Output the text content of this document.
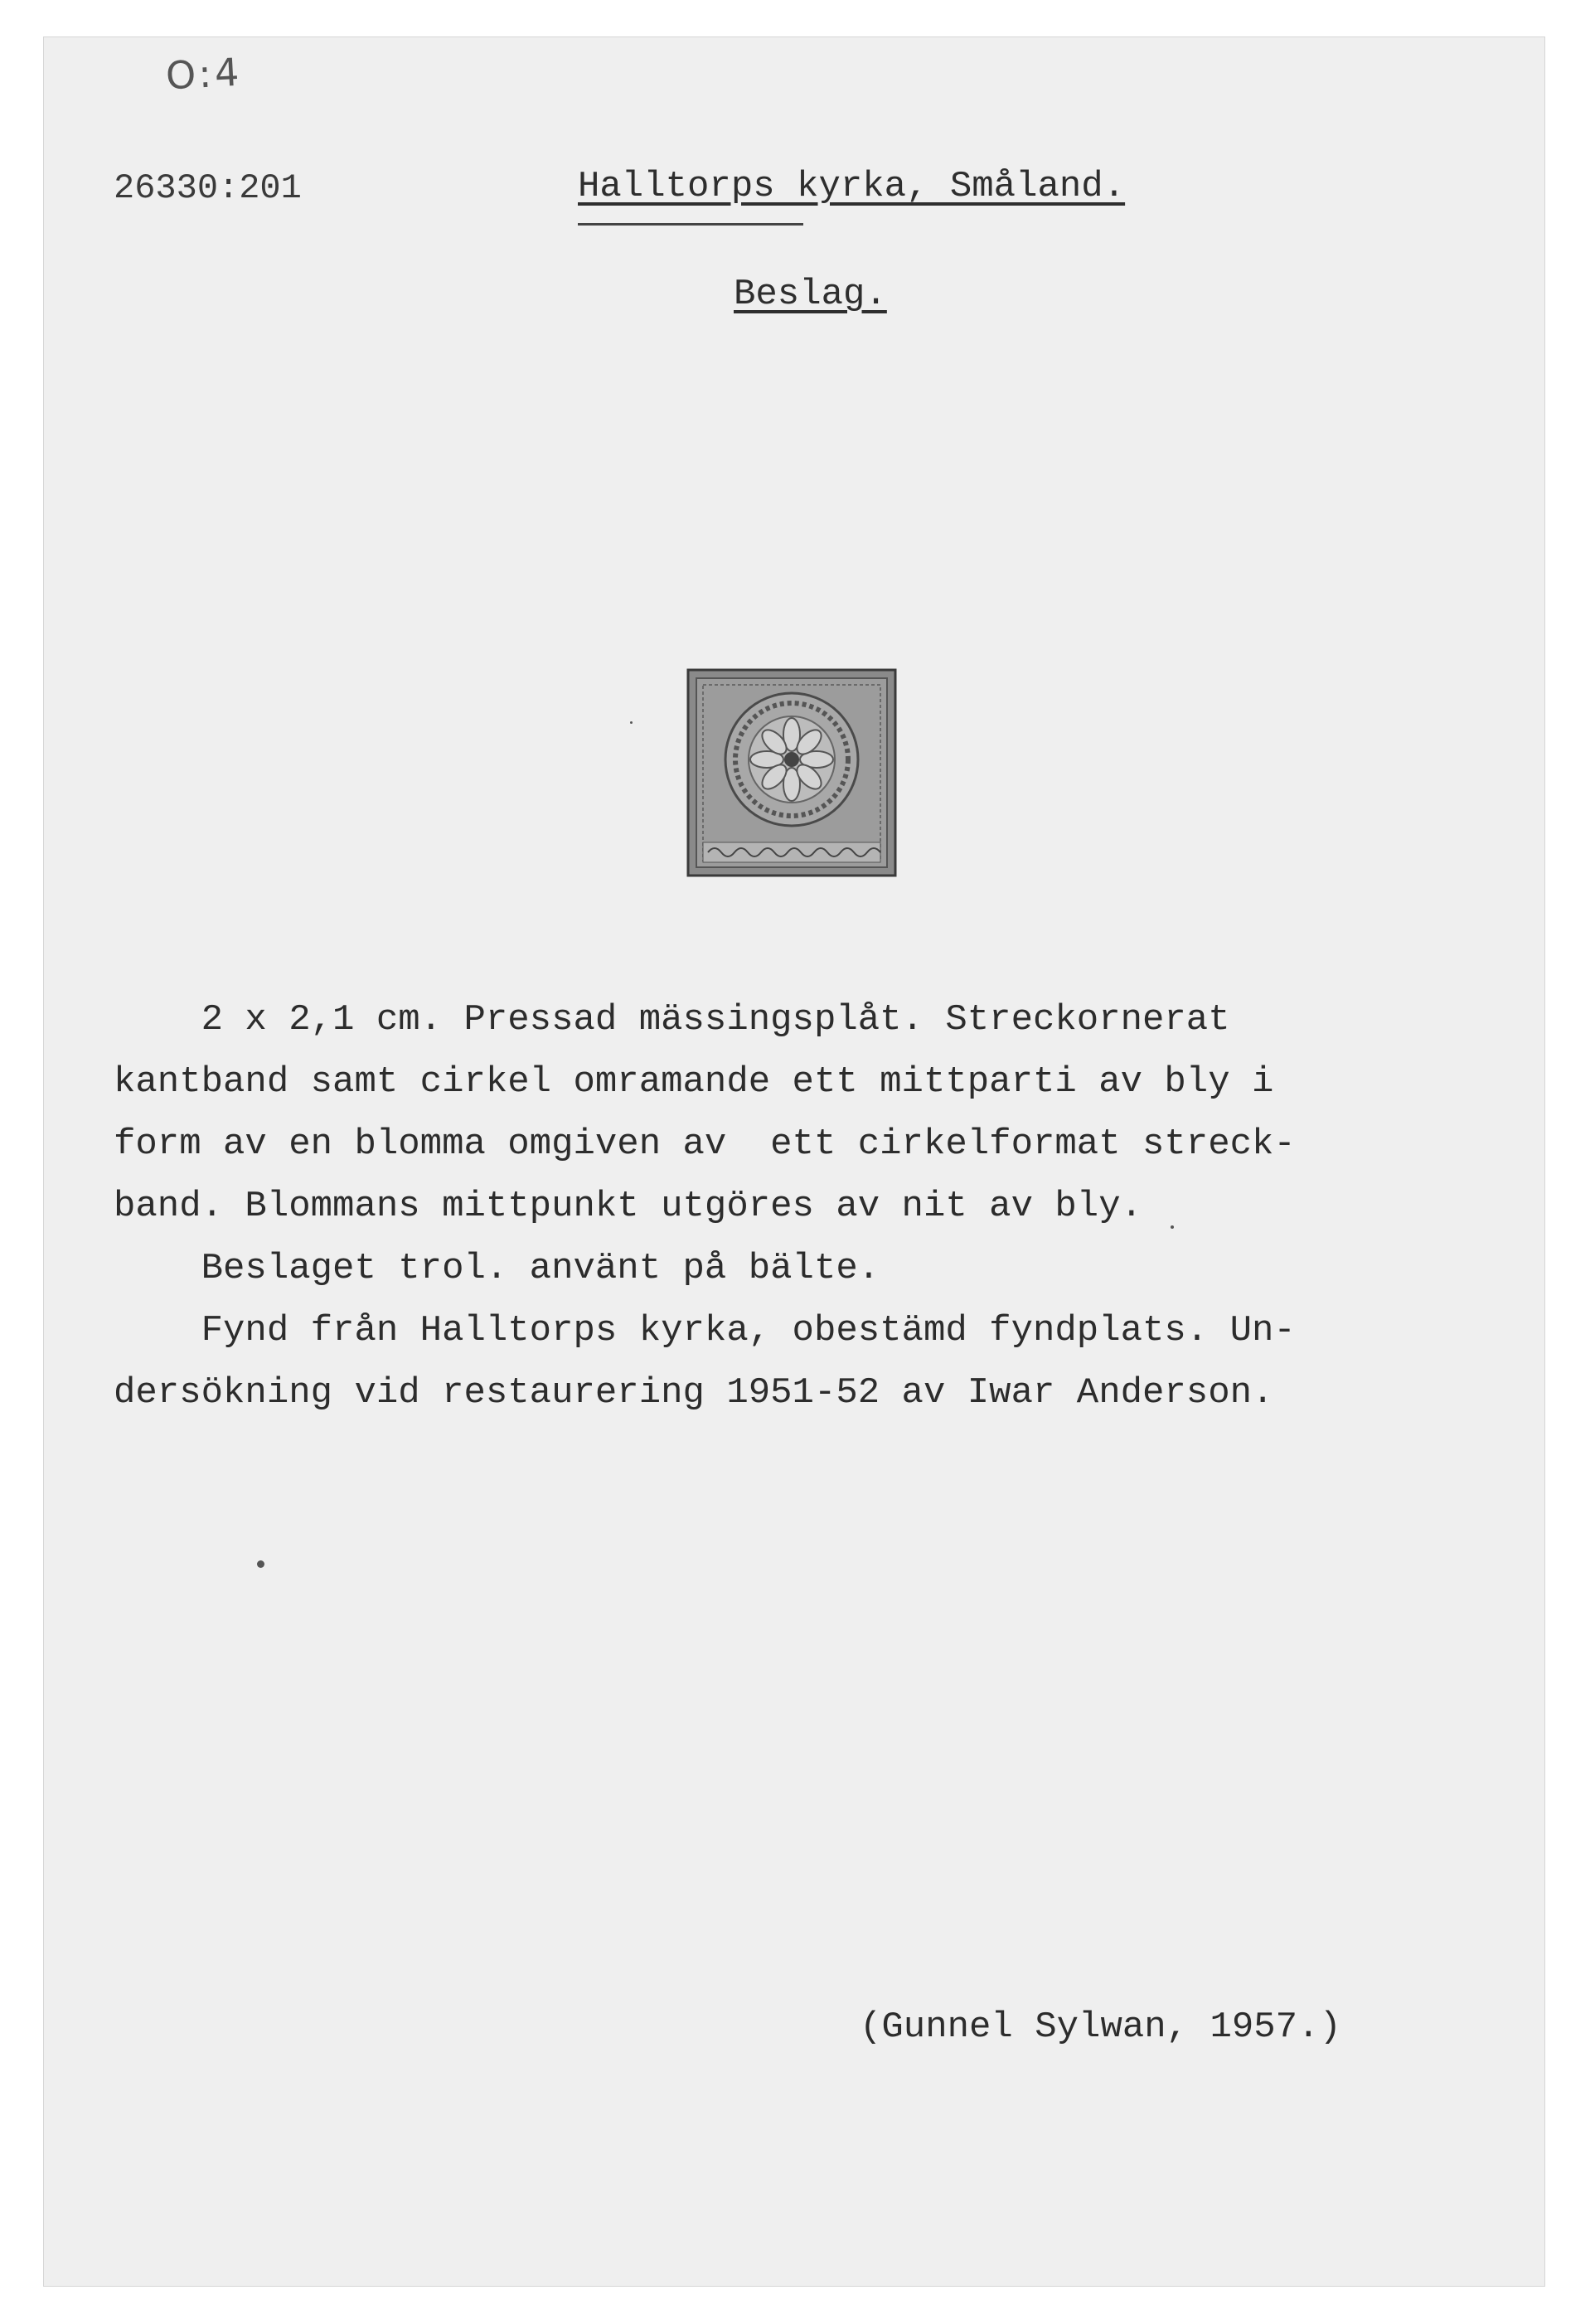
O:4
26330:201	Halltorps kyrka, Småland.
Beslag.
2 x 2,1 cm. Pressad mässingsplåt. Streckornerat
kantband samt cirkel omramande ett mittparti av bly i
form av en blomma omgiven av  ett cirkelformat streck-
band. Blommans mittpunkt utgöres av nit av bly.
Beslaget trol. använt på bälte.
Fynd från Halltorps kyrka, obestämd fyndplats. Un-
dersökning vid restaurering 1951-52 av Iwar Anderson.
(Gunnel Sylwan, 1957.)
